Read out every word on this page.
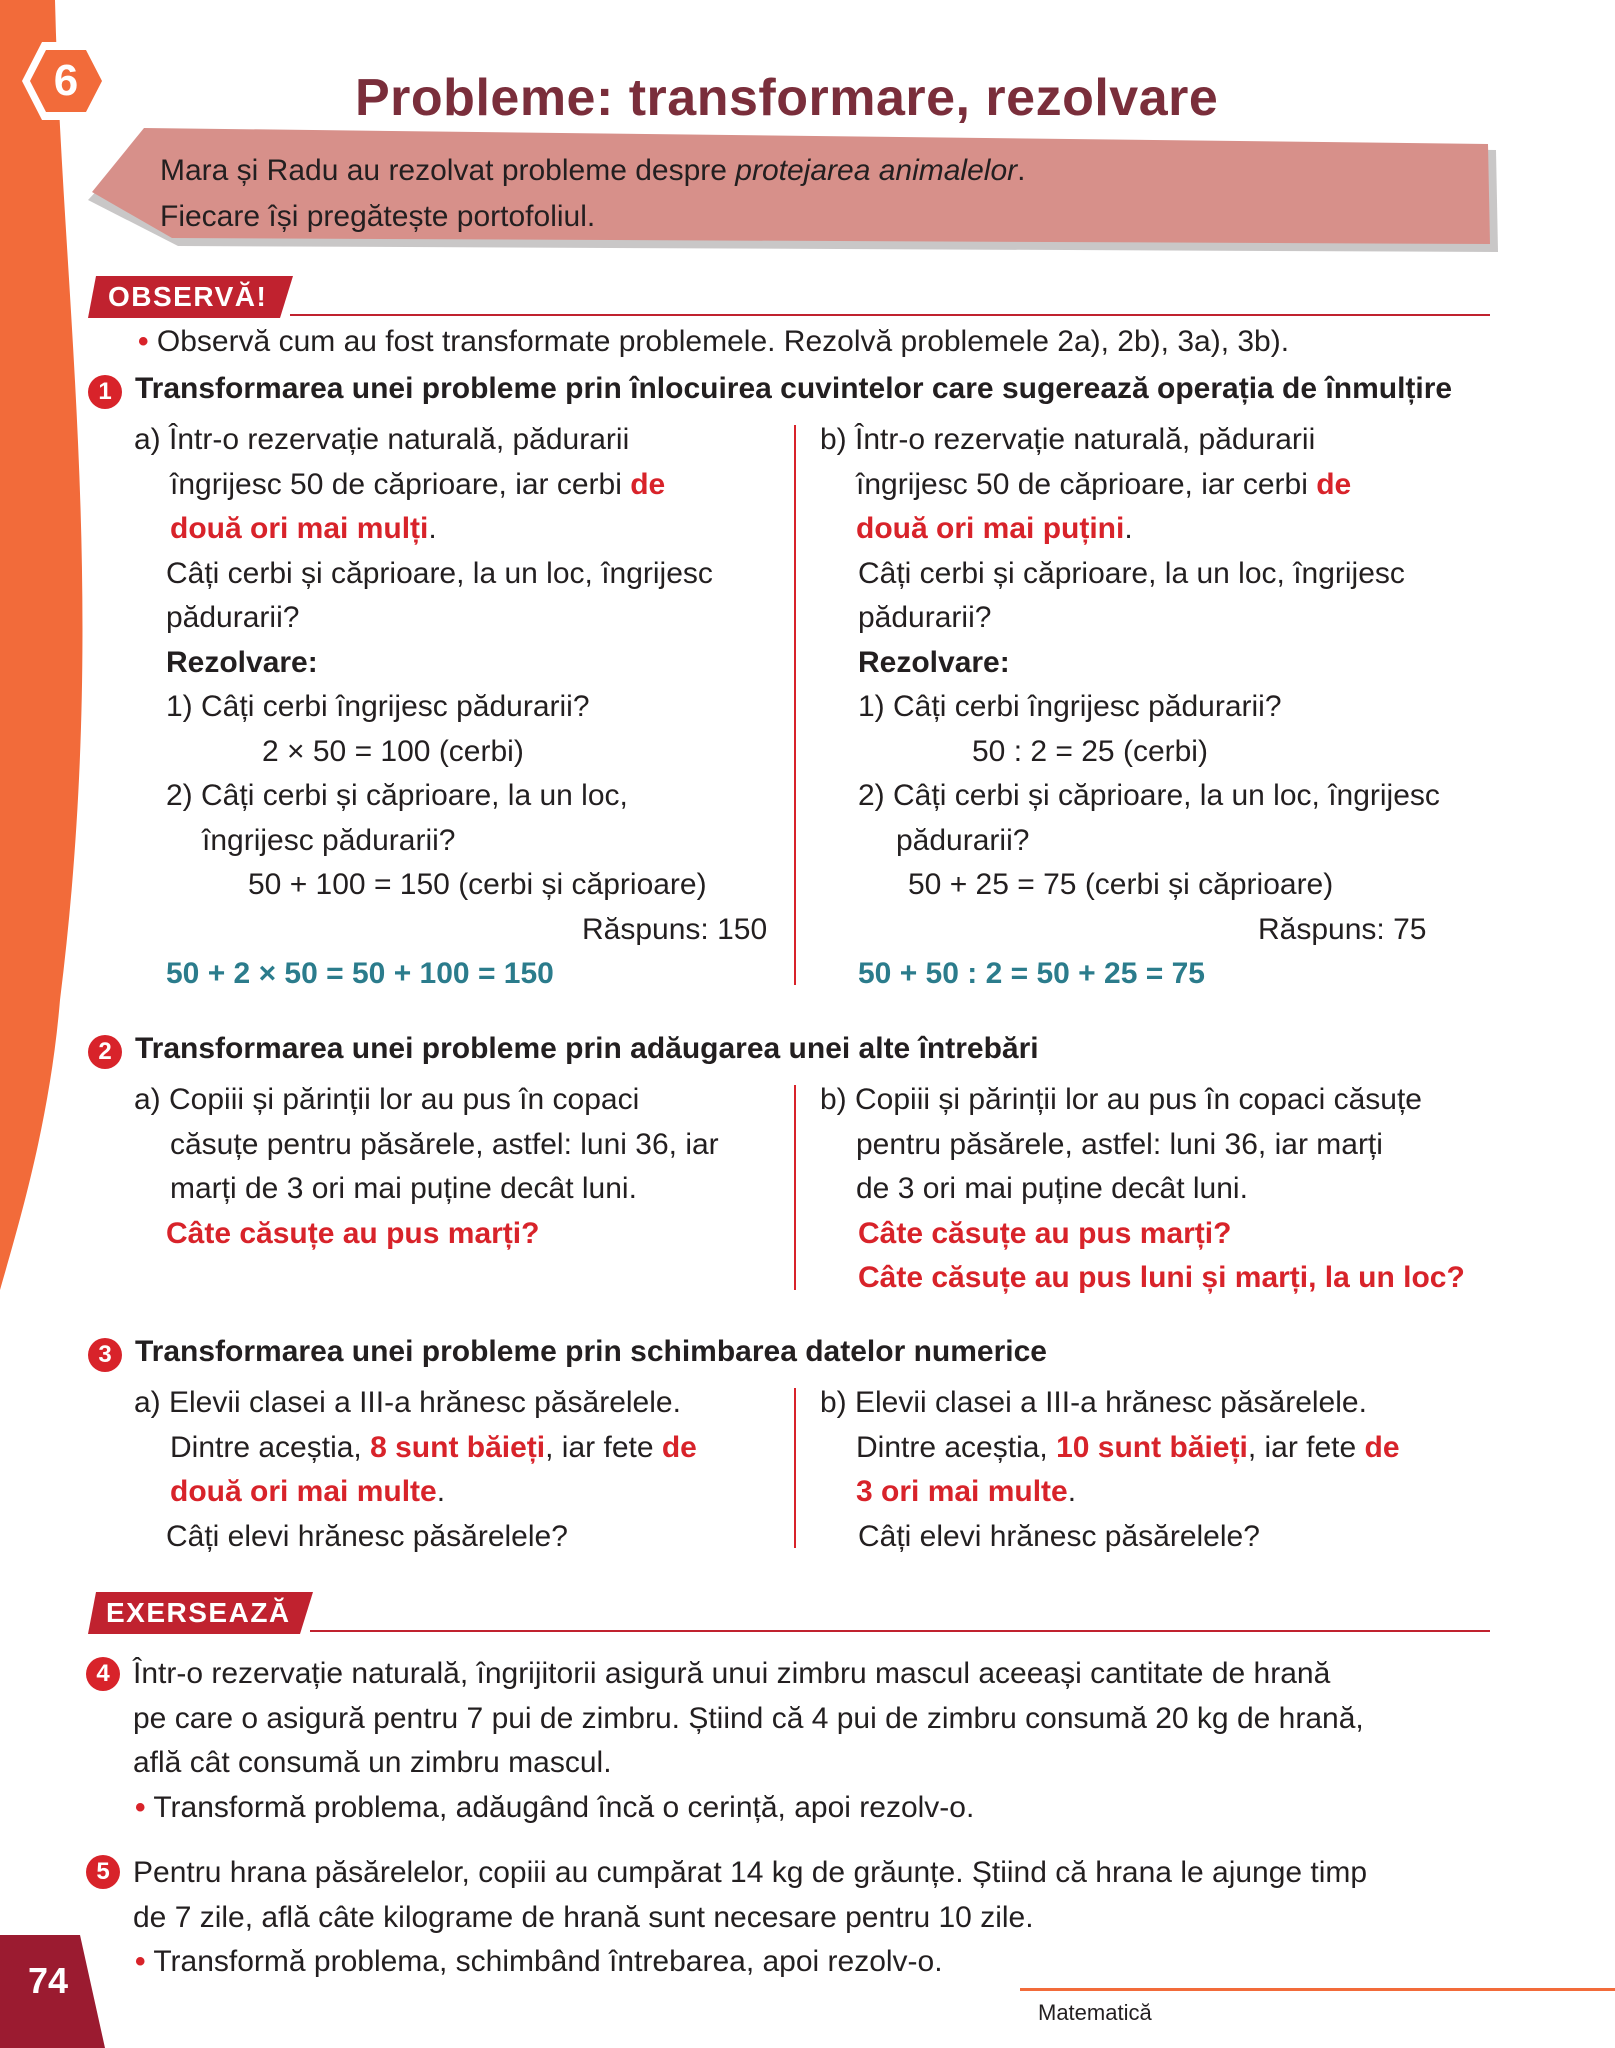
6	Probleme: transformare, rezolvare
Mara și Radu au rezolvat probleme despre protejarea animalelor.
Fiecare își pregătește portofoliul.
OBSERVĂ!
• Observă cum au fost transformate problemele. Rezolvă problemele 2a), 2b), 3a), 3b).
1 Transformarea unei probleme prin înlocuirea cuvintelor care sugerează operația de înmulțire
a) Într-o rezervație naturală, pădurarii
îngrijesc 50 de căprioare, iar cerbi de
două ori mai mulți.
Câți cerbi și căprioare, la un loc, îngrijesc
pădurarii?
Rezolvare:
1) Câți cerbi îngrijesc pădurarii?
2 × 50 = 100 (cerbi)
2) Câți cerbi și căprioare, la un loc,
îngrijesc pădurarii?
50 + 100 = 150 (cerbi și căprioare)
Răspuns: 150
50 + 2 × 50 = 50 + 100 = 150
b) Într-o rezervație naturală, pădurarii
îngrijesc 50 de căprioare, iar cerbi de
două ori mai puțini.
Câți cerbi și căprioare, la un loc, îngrijesc
pădurarii?
Rezolvare:
1) Câți cerbi îngrijesc pădurarii?
50 : 2 = 25 (cerbi)
2) Câți cerbi și căprioare, la un loc, îngrijesc
pădurarii?
50 + 25 = 75 (cerbi și căprioare)
Răspuns: 75
50 + 50 : 2 = 50 + 25 = 75
2 Transformarea unei probleme prin adăugarea unei alte întrebări
a) Copiii și părinții lor au pus în copaci
căsuțe pentru păsărele, astfel: luni 36, iar
marți de 3 ori mai puține decât luni.
Câte căsuțe au pus marți?
b) Copiii și părinții lor au pus în copaci căsuțe
pentru păsărele, astfel: luni 36, iar marți
de 3 ori mai puține decât luni.
Câte căsuțe au pus marți?
Câte căsuțe au pus luni și marți, la un loc?
3 Transformarea unei probleme prin schimbarea datelor numerice
a) Elevii clasei a III-a hrănesc păsărelele.
Dintre aceștia, 8 sunt băieți, iar fete de
două ori mai multe.
Câți elevi hrănesc păsărelele?
b) Elevii clasei a III-a hrănesc păsărelele.
Dintre aceștia, 10 sunt băieți, iar fete de
3 ori mai multe.
Câți elevi hrănesc păsărelele?
EXERSEAZĂ
4 Într-o rezervație naturală, îngrijitorii asigură unui zimbru mascul aceeași cantitate de hrană
pe care o asigură pentru 7 pui de zimbru. Știind că 4 pui de zimbru consumă 20 kg de hrană,
află cât consumă un zimbru mascul.
• Transformă problema, adăugând încă o cerință, apoi rezolv-o.
5 Pentru hrana păsărelelor, copiii au cumpărat 14 kg de grăunțe. Știind că hrana le ajunge timp
de 7 zile, află câte kilograme de hrană sunt necesare pentru 10 zile.
• Transformă problema, schimbând întrebarea, apoi rezolv-o.
74
Matematică
